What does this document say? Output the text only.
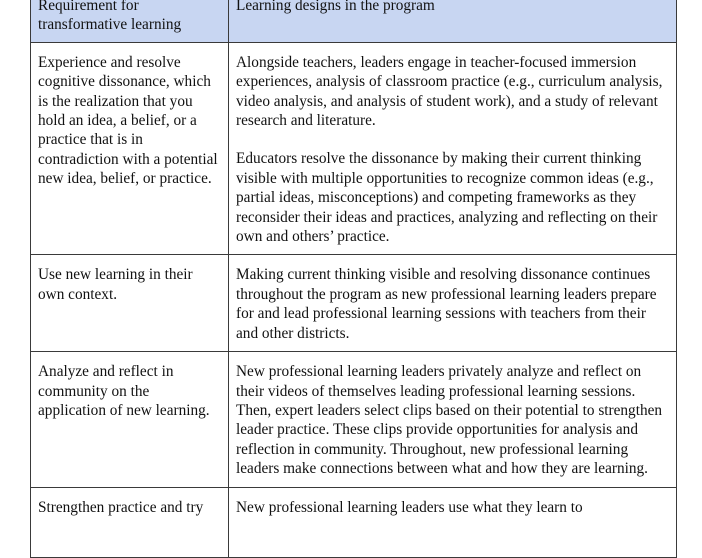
Requirement for transformative learning	Learning designs in the program
Experience and resolve cognitive dissonance, which is the realization that you hold an idea, a belief, or a practice that is in contradiction with a potential new idea, belief, or practice.	Alongside teachers, leaders engage in teacher-focused immersion experiences, analysis of classroom practice (e.g., curriculum analysis, video analysis, and analysis of student work), and a study of relevant research and literature.

Educators resolve the dissonance by making their current thinking visible with multiple opportunities to recognize common ideas (e.g., partial ideas, misconceptions) and competing frameworks as they reconsider their ideas and practices, analyzing and reflecting on their own and others’ practice.

Use new learning in their own context.	Making current thinking visible and resolving dissonance continues throughout the program as new professional learning leaders prepare for and lead professional learning sessions with teachers from their and other districts.

Analyze and reflect in community on the application of new learning.	New professional learning leaders privately analyze and reflect on their videos of themselves leading professional learning sessions. Then, expert leaders select clips based on their potential to strengthen leader practice. These clips provide opportunities for analysis and reflection in community. Throughout, new professional learning leaders make connections between what and how they are learning.

Strengthen practice and try	New professional learning leaders use what they learn to
